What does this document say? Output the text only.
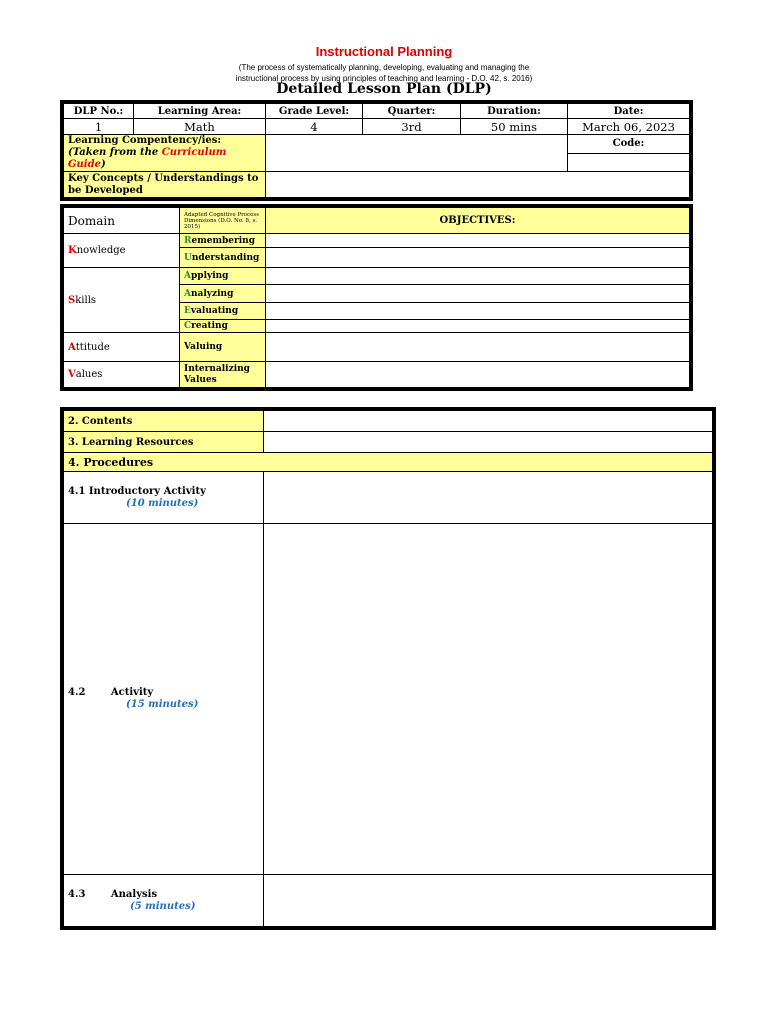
Instructional Planning
(The process of systematically planning, developing, evaluating and managing the
instructional process by using principles of teaching and learning - D.O. 42, s. 2016)
Detailed Lesson Plan (DLP)
DLP No.:	Learning Area:	Grade Level:	Quarter:	Duration:	Date:
1	Math	4	3rd	50 mins	March 06, 2023
Learning Compentency/ies:
(Taken from the Curriculum Guide)					Code:

Key Concepts / Understandings to be Developed					
Domain	Adapted Cognitive Process Dimensions (D.O. No. 8, s. 2015)	OBJECTIVES:
Knowledge	Remembering	
	Understanding	
Skills	Applying	
	Analyzing	
	Evaluating	
	Creating	
Attitude	Valuing	
Values	Internalizing Values	
2. Contents	
3. Learning Resources	
4. Procedures	
4.1 Introductory Activity
(10 minutes)	

4.2 Activity
(15 minutes)	

4.3 Analysis
(5 minutes)	
